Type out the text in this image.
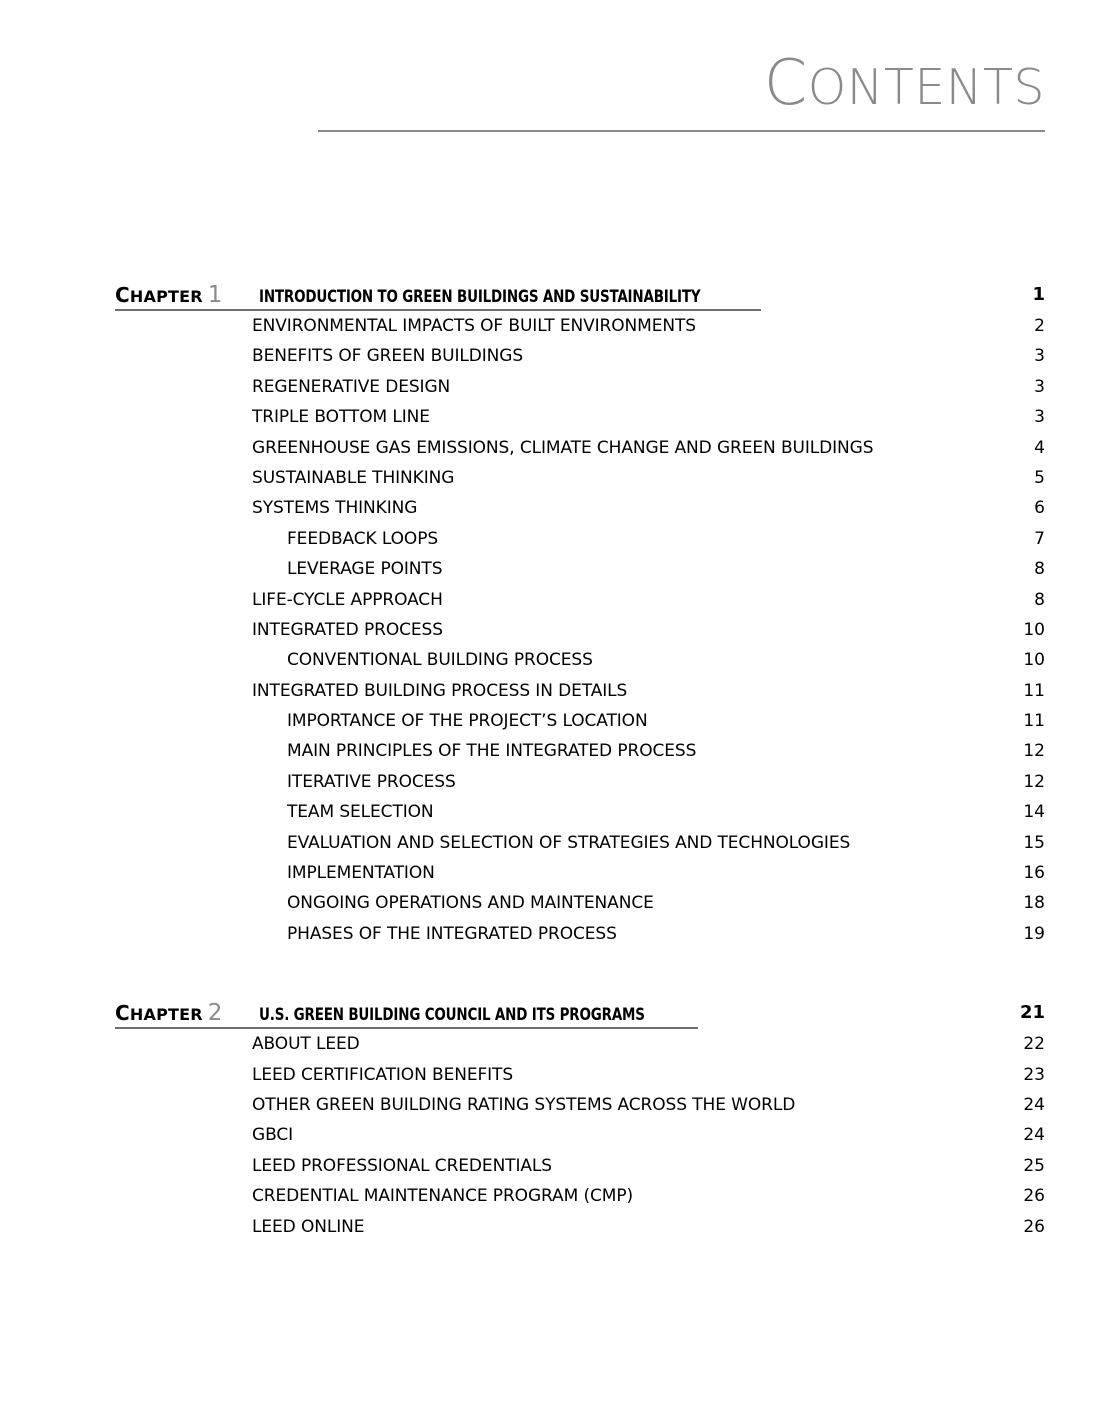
CONTENTS
CHAPTER 1 INTRODUCTION TO GREEN BUILDINGS AND SUSTAINABILITY	1
ENVIRONMENTAL IMPACTS OF BUILT ENVIRONMENTS	2
BENEFITS OF GREEN BUILDINGS	3
REGENERATIVE DESIGN	3
TRIPLE BOTTOM LINE	3
GREENHOUSE GAS EMISSIONS, CLIMATE CHANGE AND GREEN BUILDINGS	4
SUSTAINABLE THINKING	5
SYSTEMS THINKING	6
FEEDBACK LOOPS	7
LEVERAGE POINTS	8
LIFE-CYCLE APPROACH	8
INTEGRATED PROCESS	10
CONVENTIONAL BUILDING PROCESS	10
INTEGRATED BUILDING PROCESS IN DETAILS	11
IMPORTANCE OF THE PROJECT’S LOCATION	11
MAIN PRINCIPLES OF THE INTEGRATED PROCESS	12
ITERATIVE PROCESS	12
TEAM SELECTION	14
EVALUATION AND SELECTION OF STRATEGIES AND TECHNOLOGIES	15
IMPLEMENTATION	16
ONGOING OPERATIONS AND MAINTENANCE	18
PHASES OF THE INTEGRATED PROCESS	19
CHAPTER 2 U.S. GREEN BUILDING COUNCIL AND ITS PROGRAMS	21
ABOUT LEED	22
LEED CERTIFICATION BENEFITS	23
OTHER GREEN BUILDING RATING SYSTEMS ACROSS THE WORLD	24
GBCI	24
LEED PROFESSIONAL CREDENTIALS	25
CREDENTIAL MAINTENANCE PROGRAM (CMP)	26
LEED ONLINE	26
